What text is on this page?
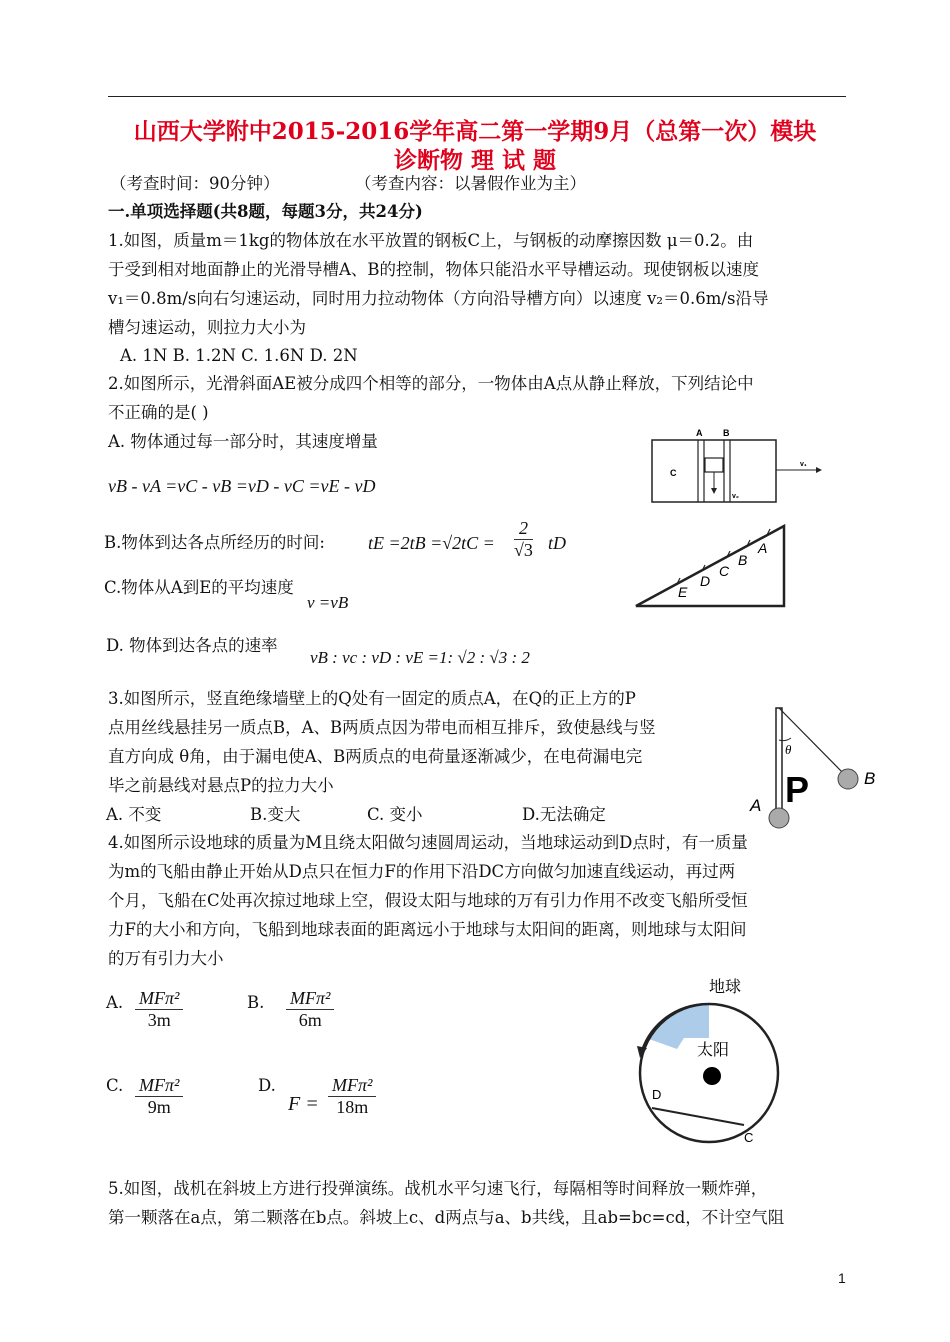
山西大学附中2015-2016学年高二第一学期9月（总第一次）模块
诊断物 理 试 题
（考查时间：90分钟）	（考查内容：以暑假作业为主）
一.单项选择题(共8题，每题3分，共24分)
1.如图，质量m＝1kg的物体放在水平放置的钢板C上，与钢板的动摩擦因数 μ＝0.2。由
于受到相对地面静止的光滑导槽A、B的控制，物体只能沿水平导槽运动。现使钢板以速度
v₁＝0.8m/s向右匀速运动，同时用力拉动物体（方向沿导槽方向）以速度 v₂＝0.6m/s沿导
槽匀速运动，则拉力大小为
A. 1N B. 1.2N C. 1.6N D. 2N
2.如图所示，光滑斜面AE被分成四个相等的部分，一物体由A点从静止释放，下列结论中
不正确的是( )
A. 物体通过每一部分时，其速度增量
vB - vA =vC - vB =vD - vC =vE - vD
B.物体到达各点所经历的时间: tE $=2tB =√2tC = \frac{2}{√3}$ tD
C.物体从A到E的平均速度
v =vB
D. 物体到达各点的速率
vB : vc : vD : vE =1: √2 : √3 : 2
3.如图所示，竖直绝缘墙壁上的Q处有一固定的质点A，在Q的正上方的P
点用丝线悬挂另一质点B，A、B两质点因为带电而相互排斥，致使悬线与竖
直方向成 θ角，由于漏电使A、B两质点的电荷量逐渐减少，在电荷漏电完
毕之前悬线对悬点P的拉力大小
A. 不变	B.变大	C. 变小	D.无法确定
4.如图所示设地球的质量为M且绕太阳做匀速圆周运动，当地球运动到D点时，有一质量
为m的飞船由静止开始从D点只在恒力F的作用下沿DC方向做匀加速直线运动，再过两
个月，飞船在C处再次掠过地球上空，假设太阳与地球的万有引力作用不改变飞船所受恒
力F的大小和方向，飞船到地球表面的距离远小于地球与太阳间的距离，则地球与太阳间
的万有引力大小
A. MFπ²
3m
B. MFπ²
6m
C. MFπ²
9m
D.
F =
MFπ²
18m
5.如图，战机在斜坡上方进行投弹演练。战机水平匀速飞行，每隔相等时间释放一颗炸弹，
第一颗落在a点，第二颗落在b点。斜坡上c、d两点与a、b共线，且ab=bc=cd，不计空气阻
A B
C
v₁
v₂
A
B
C
D
E
θ
P	B
A
地球
太阳
D
C
1
